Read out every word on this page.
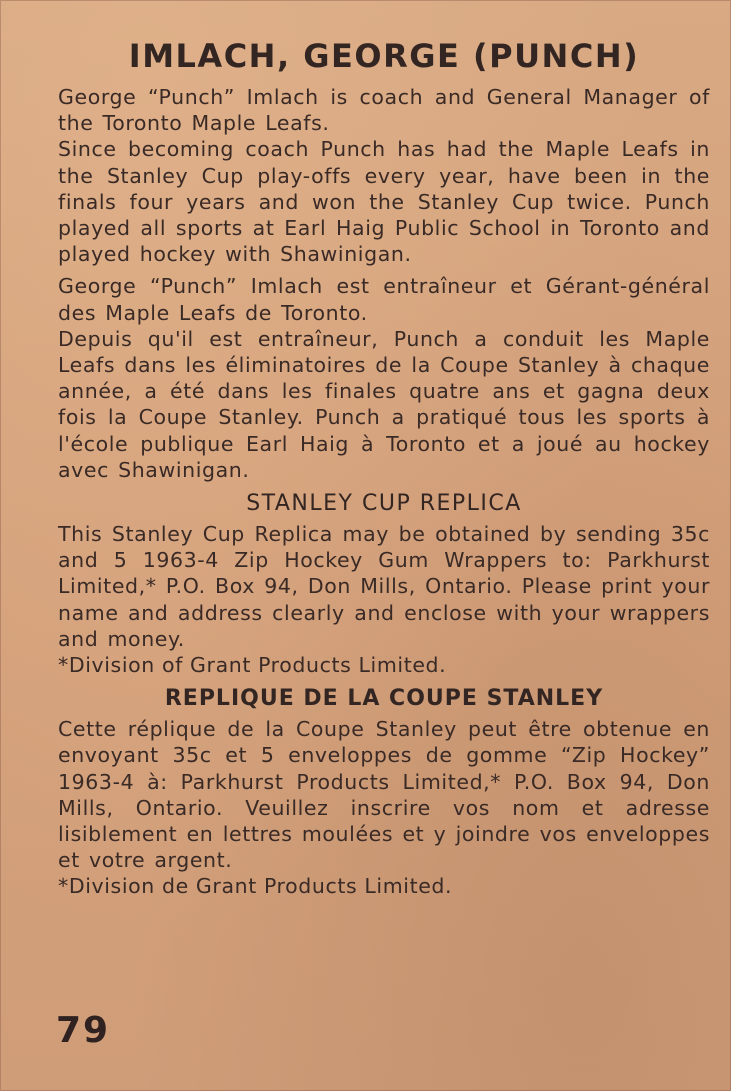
IMLACH, GEORGE (PUNCH)

George “Punch” Imlach is coach and General Manager of the Toronto Maple Leafs.

Since becoming coach Punch has had the Maple Leafs in the Stanley Cup play-offs every year, have been in the finals four years and won the Stanley Cup twice. Punch played all sports at Earl Haig Public School in Toronto and played hockey with Shawinigan.

George “Punch” Imlach est entraîneur et Gérant-général des Maple Leafs de Toronto.

Depuis qu'il est entraîneur, Punch a conduit les Maple Leafs dans les éliminatoires de la Coupe Stanley à chaque année, a été dans les finales quatre ans et gagna deux fois la Coupe Stanley. Punch a pratiqué tous les sports à l'école publique Earl Haig à Toronto et a joué au hockey avec Shawinigan.

STANLEY CUP REPLICA

This Stanley Cup Replica may be obtained by sending 35c and 5 1963-4 Zip Hockey Gum Wrappers to: Parkhurst Limited,* P.O. Box 94, Don Mills, Ontario. Please print your name and address clearly and enclose with your wrappers and money.

*Division of Grant Products Limited.

REPLIQUE DE LA COUPE STANLEY

Cette réplique de la Coupe Stanley peut être obtenue en envoyant 35c et 5 enveloppes de gomme “Zip Hockey” 1963-4 à: Parkhurst Products Limited,* P.O. Box 94, Don Mills, Ontario. Veuillez inscrire vos nom et adresse lisiblement en lettres moulées et y joindre vos enveloppes et votre argent.

*Division de Grant Products Limited.

79
